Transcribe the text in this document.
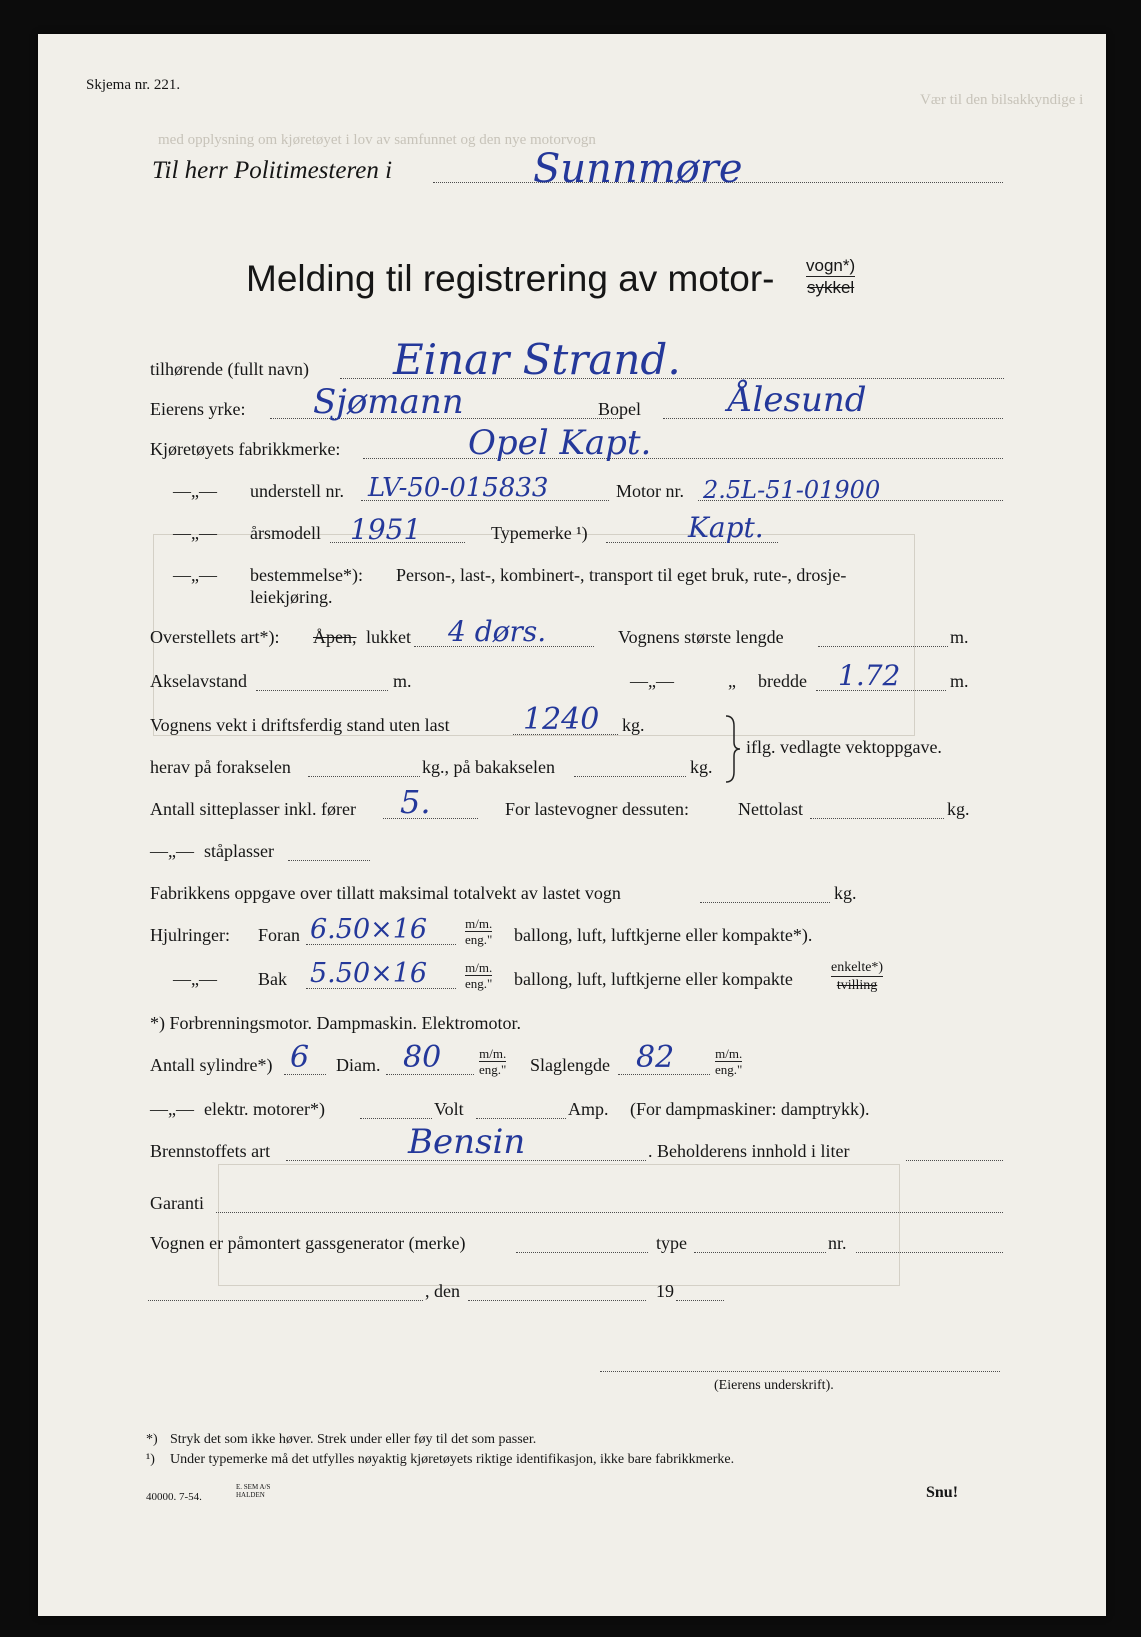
Vær til den bilsakkyndige i
med opplysning om kjøretøyet i lov av samfunnet og den nye motorvogn
Skjema nr. 221.
Til herr Politimesteren i	Sunnmøre
Melding til registrering av motor- vogn*)
sykkel
tilhørende (fullt navn) Einar Strand.
Eierens yrke: Sjømann	Bopel	Ålesund
Kjøretøyets fabrikkmerke:	Opel Kapt.
—„— understell nr. LV-50-015833	Motor nr. 2.5L-51-01900
—„— årsmodell 1951	Typemerke ¹)	Kapt.
—„— bestemmelse*): Person-, last-, kombinert-, transport til eget bruk, rute-, drosje-
leiekjøring.
Overstellets art*): Åpen, lukket 4 dørs.	Vognens største lengde	m.
Akselavstand	m.	—„—	„ bredde 1.72	m.
Vognens vekt i driftsferdig stand uten last 1240 kg.
herav på forakselen	kg., på bakakselen	kg.
iflg. vedlagte vektoppgave.
Antall sitteplasser inkl. fører 5.	For lastevogner dessuten:	Nettolast	kg.
—„— ståplasser
Fabrikkens oppgave over tillatt maksimal totalvekt av lastet vogn	kg.
Hjulringer: Foran 6.50×16	m/m.
eng." ballong, luft, luftkjerne eller kompakte*).
—„— Bak 5.50×16	m/m.
eng." ballong, luft, luftkjerne eller kompakte
enkelte*)
tvilling
*) Forbrenningsmotor. Dampmaskin. Elektromotor.
Antall sylindre*) 6 Diam. 80	m/m.
eng." Slaglengde 82	m/m.
eng."
—„— elektr. motorer*)	Volt	Amp. (For dampmaskiner: damptrykk).
Brennstoffets art	Bensin	. Beholderens innhold i liter
Garanti
Vognen er påmontert gassgenerator (merke)	type	nr.
, den	19
(Eierens underskrift).
*) Stryk det som ikke høver. Strek under eller føy til det som passer.
¹) Under typemerke må det utfylles nøyaktig kjøretøyets riktige identifikasjon, ikke bare fabrikkmerke.
40000. 7-54.
E. SEM A/S
HALDEN	Snu!
